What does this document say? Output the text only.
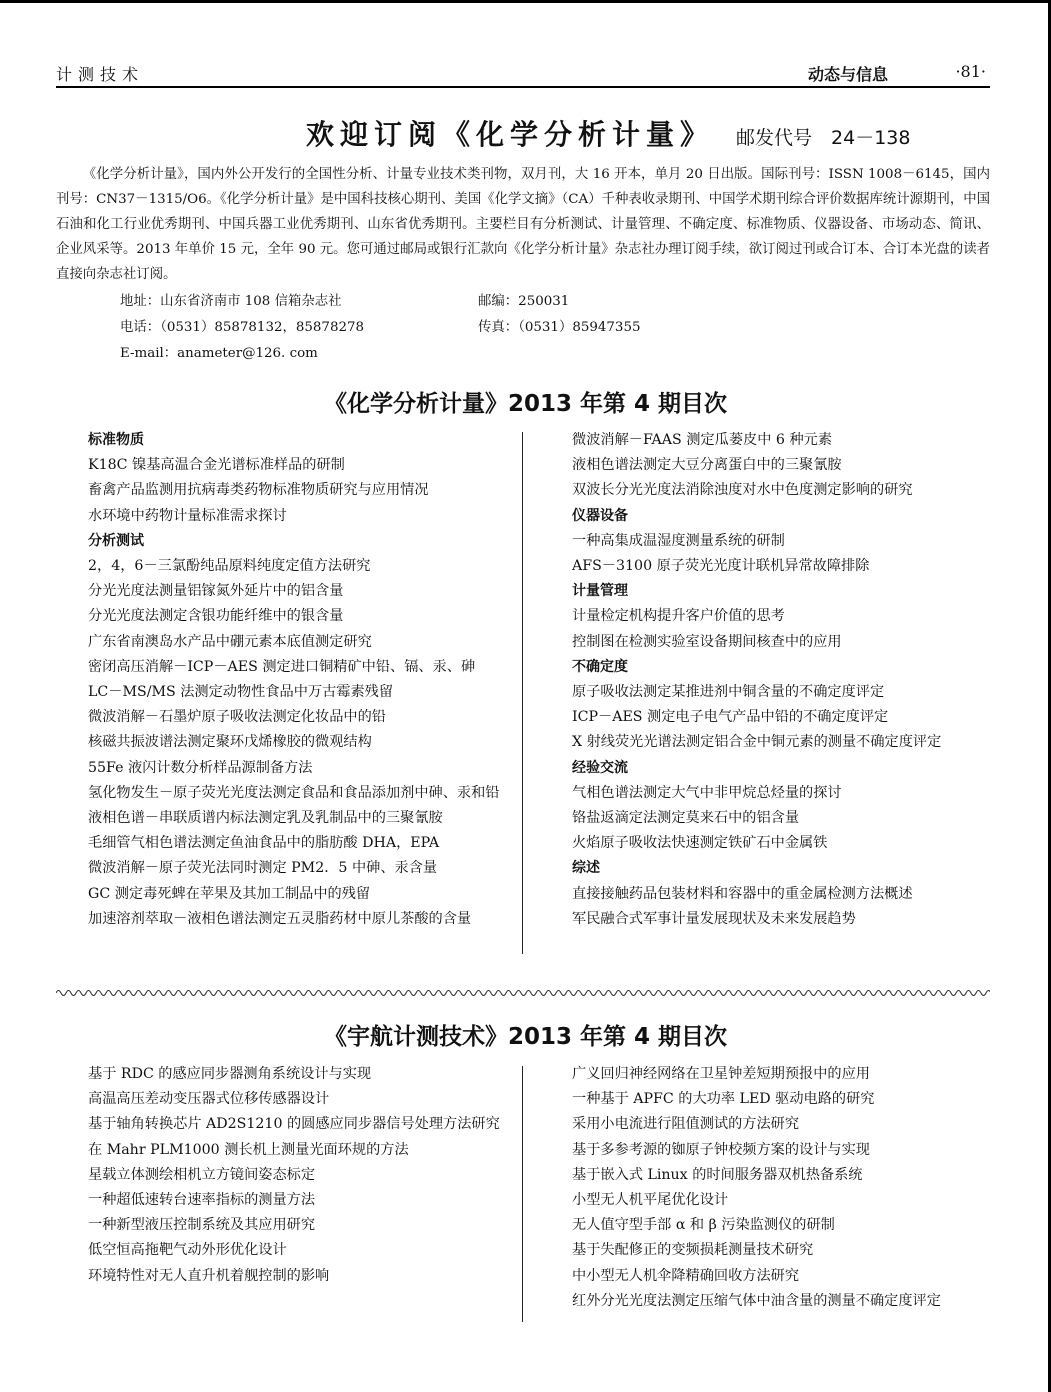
计测技术	动态与信息	·81·
欢迎订阅《化学分析计量》 邮发代号　24－138
《化学分析计量》，国内外公开发行的全国性分析、计量专业技术类刊物，双月刊，大 16 开本，单月 20 日出版。国际刊号：ISSN 1008－6145，国内刊号：CN37－1315/O6。《化学分析计量》是中国科技核心期刊、美国《化学文摘》（CA）千种表收录期刊、中国学术期刊综合评价数据库统计源期刊，中国石油和化工行业优秀期刊、中国兵器工业优秀期刊、山东省优秀期刊。主要栏目有分析测试、计量管理、不确定度、标准物质、仪器设备、市场动态、简讯、企业风采等。2013 年单价 15 元，全年 90 元。您可通过邮局或银行汇款向《化学分析计量》杂志社办理订阅手续，欲订阅过刊或合订本、合订本光盘的读者直接向杂志社订阅。
地址：山东省济南市 108 信箱杂志社	邮编：250031
电话：（0531）85878132，85878278	传真：（0531）85947355
E-mail：anameter@126. com
《化学分析计量》2013 年第 4 期目次
标准物质
K18C 镍基高温合金光谱标准样品的研制
畜禽产品监测用抗病毒类药物标准物质研究与应用情况
水环境中药物计量标准需求探讨
分析测试
2，4，6－三氯酚纯品原料纯度定值方法研究
分光光度法测量铝镓氮外延片中的铝含量
分光光度法测定含银功能纤维中的银含量
广东省南澳岛水产品中硼元素本底值测定研究
密闭高压消解－ICP－AES 测定进口铜精矿中铅、镉、汞、砷
LC－MS/MS 法测定动物性食品中万古霉素残留
微波消解－石墨炉原子吸收法测定化妆品中的铅
核磁共振波谱法测定聚环戊烯橡胶的微观结构
55Fe 液闪计数分析样品源制备方法
氢化物发生－原子荧光光度法测定食品和食品添加剂中砷、汞和铅
液相色谱－串联质谱内标法测定乳及乳制品中的三聚氰胺
毛细管气相色谱法测定鱼油食品中的脂肪酸 DHA，EPA
微波消解－原子荧光法同时测定 PM2．5 中砷、汞含量
GC 测定毒死蜱在苹果及其加工制品中的残留
加速溶剂萃取－液相色谱法测定五灵脂药材中原儿茶酸的含量
微波消解－FAAS 测定瓜蒌皮中 6 种元素
液相色谱法测定大豆分离蛋白中的三聚氰胺
双波长分光光度法消除浊度对水中色度测定影响的研究
仪器设备
一种高集成温湿度测量系统的研制
AFS－3100 原子荧光光度计联机异常故障排除
计量管理
计量检定机构提升客户价值的思考
控制图在检测实验室设备期间核查中的应用
不确定度
原子吸收法测定某推进剂中铜含量的不确定度评定
ICP－AES 测定电子电气产品中铅的不确定度评定
X 射线荧光光谱法测定铝合金中铜元素的测量不确定度评定
经验交流
气相色谱法测定大气中非甲烷总烃量的探讨
铬盐返滴定法测定莫来石中的铝含量
火焰原子吸收法快速测定铁矿石中金属铁
综述
直接接触药品包装材料和容器中的重金属检测方法概述
军民融合式军事计量发展现状及未来发展趋势
《宇航计测技术》2013 年第 4 期目次
基于 RDC 的感应同步器测角系统设计与实现
高温高压差动变压器式位移传感器设计
基于轴角转换芯片 AD2S1210 的圆感应同步器信号处理方法研究
在 Mahr PLM1000 测长机上测量光面环规的方法
星载立体测绘相机立方镜间姿态标定
一种超低速转台速率指标的测量方法
一种新型液压控制系统及其应用研究
低空恒高拖靶气动外形优化设计
环境特性对无人直升机着舰控制的影响
广义回归神经网络在卫星钟差短期预报中的应用
一种基于 APFC 的大功率 LED 驱动电路的研究
采用小电流进行阻值测试的方法研究
基于多参考源的铷原子钟校频方案的设计与实现
基于嵌入式 Linux 的时间服务器双机热备系统
小型无人机平尾优化设计
无人值守型手部 α 和 β 污染监测仪的研制
基于失配修正的变频损耗测量技术研究
中小型无人机伞降精确回收方法研究
红外分光光度法测定压缩气体中油含量的测量不确定度评定
